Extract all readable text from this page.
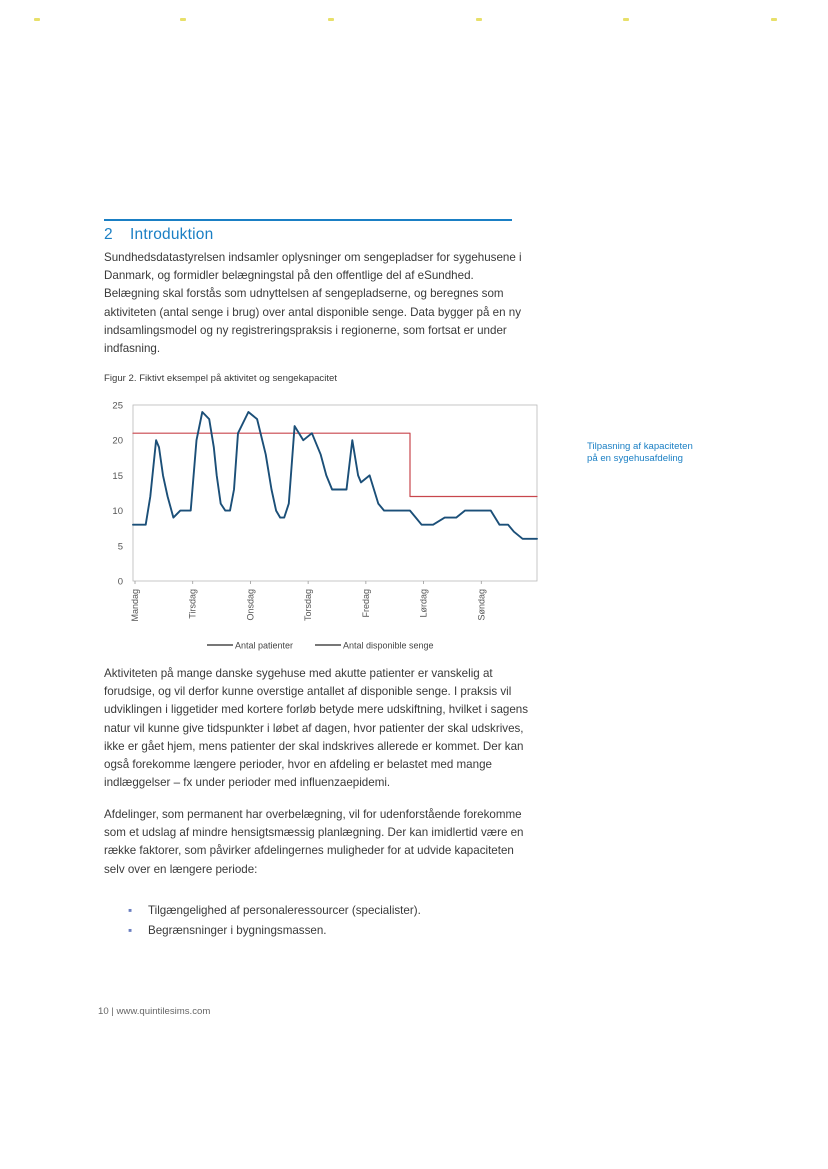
2 Introduktion
Sundhedsdatastyrelsen indsamler oplysninger om sengepladser for sygehusene i Danmark, og formidler belægningstal på den offentlige del af eSundhed. Belægning skal forstås som udnyttelsen af sengepladserne, og beregnes som aktiviteten (antal senge i brug) over antal disponible senge. Data bygger på en ny indsamlingsmodel og ny registreringspraksis i regionerne, som fortsat er under indfasning.
Figur 2. Fiktivt eksempel på aktivitet og sengekapacitet
0
5
10
15
20
25
Mandag	Tirsdag	Onsdag	Torsdag	Fredag	Lørdag	Søndag
Antal patienter	Antal disponible senge
Tilpasning af kapaciteten på en sygehusafdeling
Aktiviteten på mange danske sygehuse med akutte patienter er vanskelig at forudsige, og vil derfor kunne overstige antallet af disponible senge. I praksis vil udviklingen i liggetider med kortere forløb betyde mere udskiftning, hvilket i sagens natur vil kunne give tidspunkter i løbet af dagen, hvor patienter der skal udskrives, ikke er gået hjem, mens patienter der skal indskrives allerede er kommet. Der kan også forekomme længere perioder, hvor en afdeling er belastet med mange indlæggelser – fx under perioder med influenzaepidemi.
Afdelinger, som permanent har overbelægning, vil for udenforstående forekomme som et udslag af mindre hensigtsmæssig planlægning. Der kan imidlertid være en række faktorer, som påvirker afdelingernes muligheder for at udvide kapaciteten selv over en længere periode:
▪ Tilgængelighed af personaleressourcer (specialister).
▪ Begrænsninger i bygningsmassen.
10 | www.quintilesims.com
